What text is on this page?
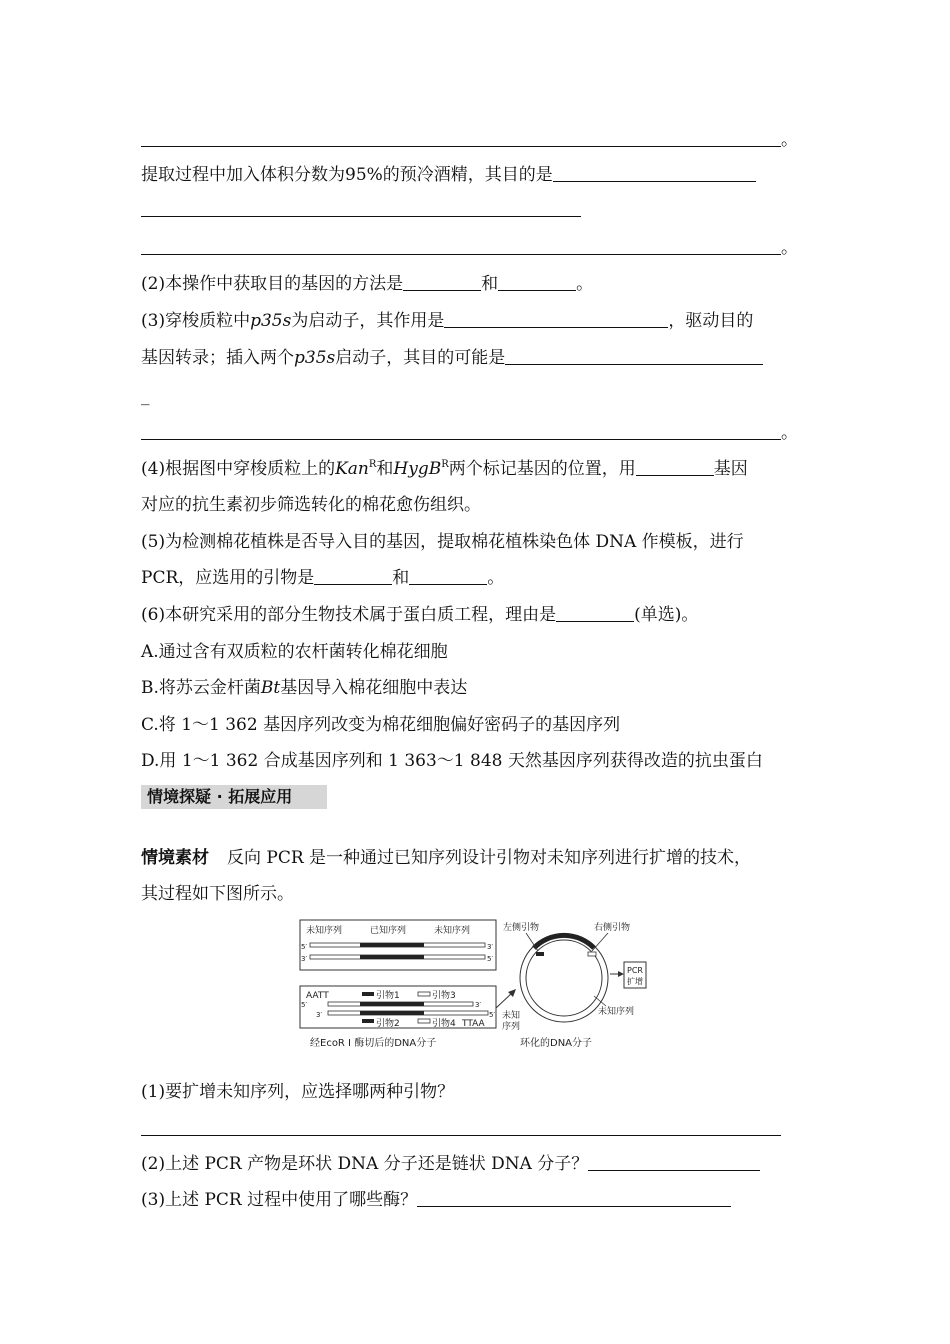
。
提取过程中加入体积分数为95%的预冷酒精，其目的是
。
(2)本操作中获取目的基因的方法是	和	。
(3)穿梭质粒中p35s为启动子，其作用是	，驱动目的
基因转录；插入两个p35s启动子，其目的可能是
_
。
(4)根据图中穿梭质粒上的Kan$^R$和HygB$^R$两个标记基因的位置，用	基因
对应的抗生素初步筛选转化的棉花愈伤组织。
(5)为检测棉花植株是否导入目的基因，提取棉花植株染色体 DNA 作模板，进行
PCR，应选用的引物是	和	。
(6)本研究采用的部分生物技术属于蛋白质工程，理由是	(单选)。
A.通过含有双质粒的农杆菌转化棉花细胞
B.将苏云金杆菌Bt基因导入棉花细胞中表达
C.将 1～1 362 基因序列改变为棉花细胞偏好密码子的基因序列
D.用 1～1 362 合成基因序列和 1 363～1 848 天然基因序列获得改造的抗虫蛋白
情境探疑 · 拓展应用
情境素材 反向 PCR 是一种通过已知序列设计引物对未知序列进行扩增的技术，
其过程如下图所示。
未知序列	已知序列	未知序列
5′	3′
3′	5′
AATT	引物1	引物3
5′	3′
3′	5′
引物2	引物4 TTAA
经EcoR I 酶切后的DNA分子
左侧引物	右侧引物
未知序列
未知
序列
环化的DNA分子
PCR
扩增
(1)要扩增未知序列，应选择哪两种引物？
(2)上述 PCR 产物是环状 DNA 分子还是链状 DNA 分子？
(3)上述 PCR 过程中使用了哪些酶？
